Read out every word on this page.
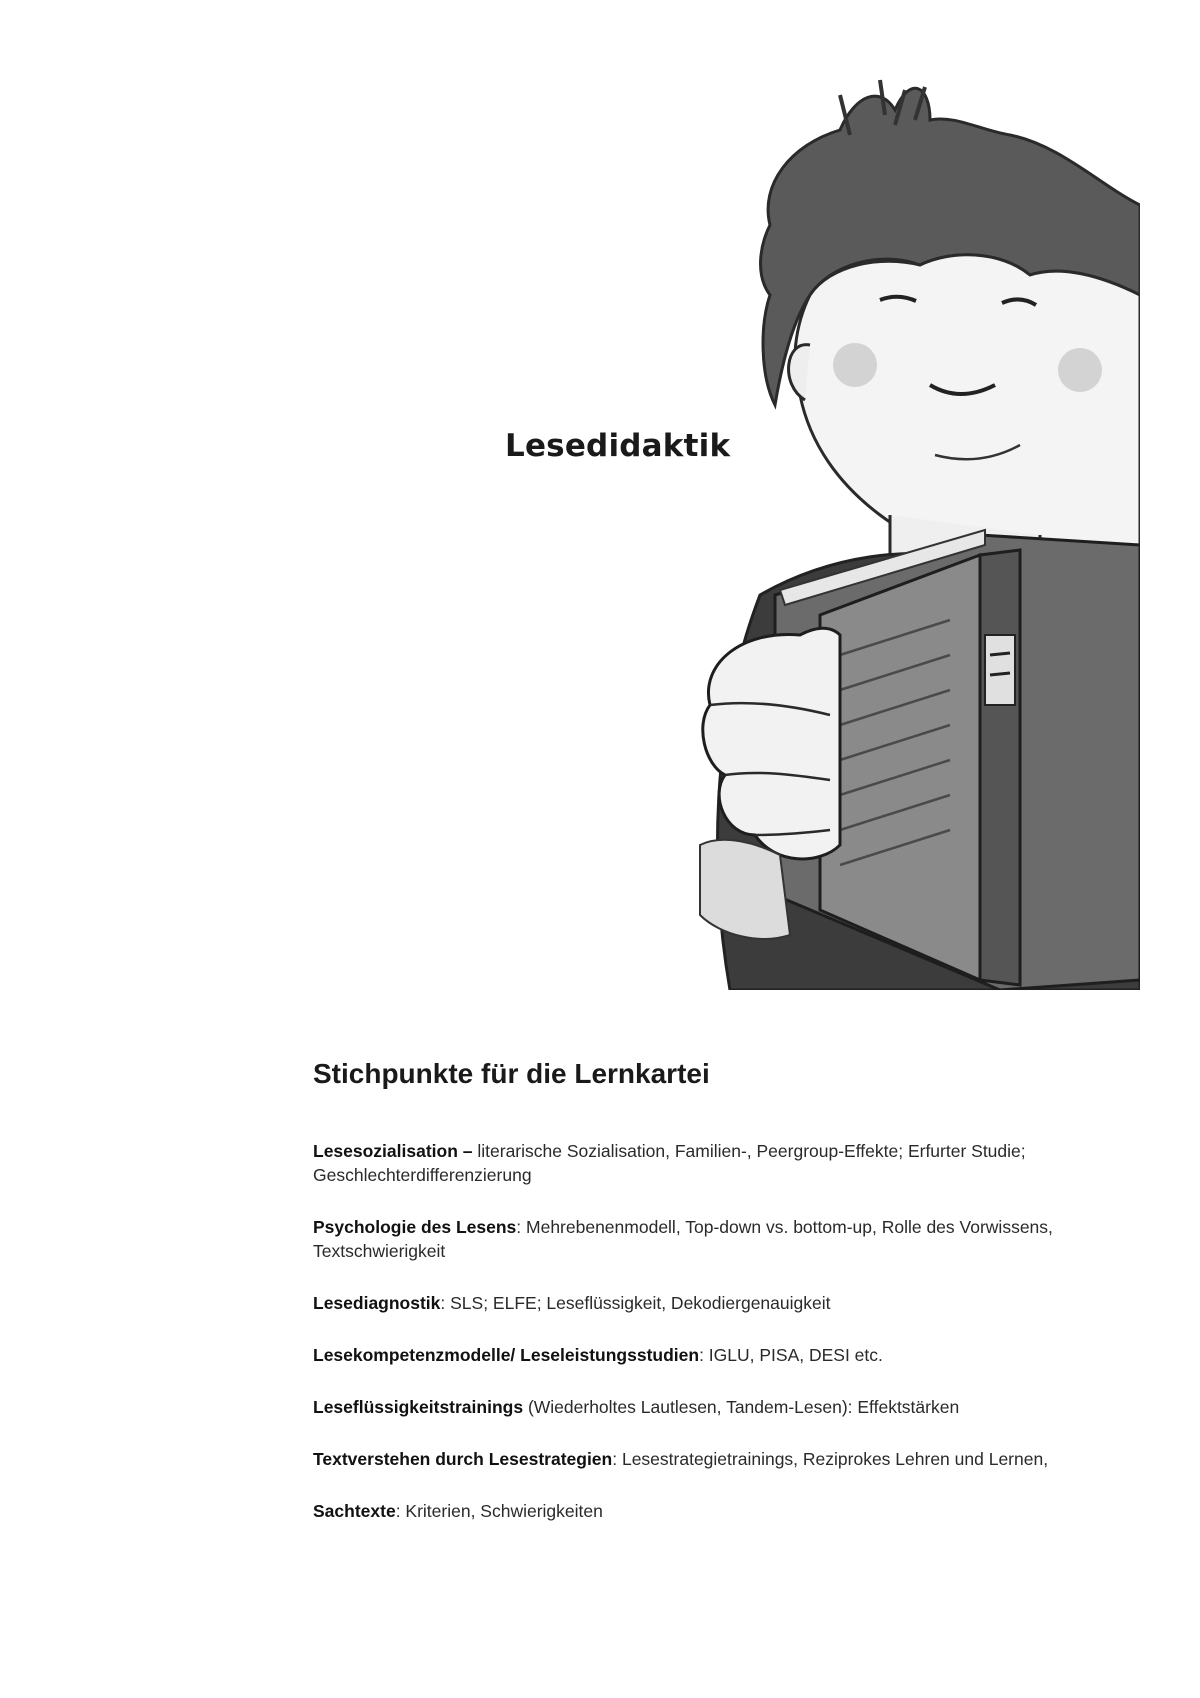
Lesedidaktik
Stichpunkte für die Lernkartei
Lesesozialisation – literarische Sozialisation, Familien-, Peergroup-Effekte; Erfurter Studie; Geschlechterdifferenzierung
Psychologie des Lesens: Mehrebenenmodell, Top-down vs. bottom-up, Rolle des Vorwissens, Textschwierigkeit
Lesediagnostik: SLS; ELFE; Leseflüssigkeit, Dekodiergenauigkeit
Lesekompetenzmodelle/ Leseleistungsstudien: IGLU, PISA, DESI etc.
Leseflüssigkeitstrainings (Wiederholtes Lautlesen, Tandem-Lesen): Effektstärken
Textverstehen durch Lesestrategien: Lesestrategietrainings, Reziprokes Lehren und Lernen,
Sachtexte: Kriterien, Schwierigkeiten
